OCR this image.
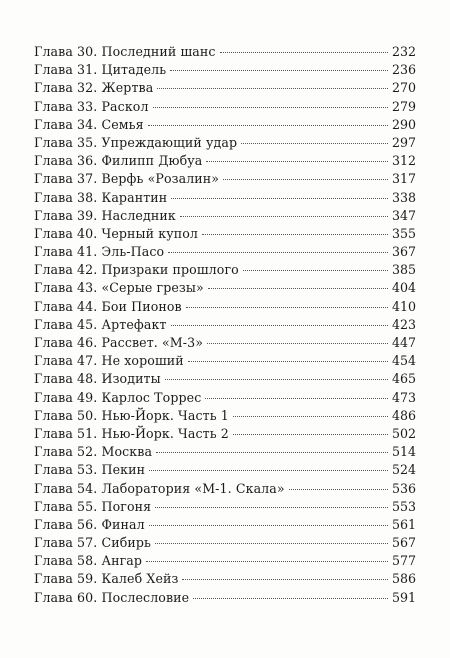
Глава 30. Последний шанс	232
Глава 31. Цитадель	236
Глава 32. Жертва	270
Глава 33. Раскол	279
Глава 34. Семья	290
Глава 35. Упреждающий удар	297
Глава 36. Филипп Дюбуа	312
Глава 37. Верфь «Розалин»	317
Глава 38. Карантин	338
Глава 39. Наследник	347
Глава 40. Черный купол	355
Глава 41. Эль-Пасо	367
Глава 42. Призраки прошлого	385
Глава 43. «Серые грезы»	404
Глава 44. Бои Пионов	410
Глава 45. Артефакт	423
Глава 46. Рассвет. «М-3»	447
Глава 47. Не хороший	454
Глава 48. Изодиты	465
Глава 49. Карлос Торрес	473
Глава 50. Нью-Йорк. Часть 1	486
Глава 51. Нью-Йорк. Часть 2	502
Глава 52. Москва	514
Глава 53. Пекин	524
Глава 54. Лаборатория «М-1. Скала»	536
Глава 55. Погоня	553
Глава 56. Финал	561
Глава 57. Сибирь	567
Глава 58. Ангар	577
Глава 59. Калеб Хейз	586
Глава 60. Послесловие	591
